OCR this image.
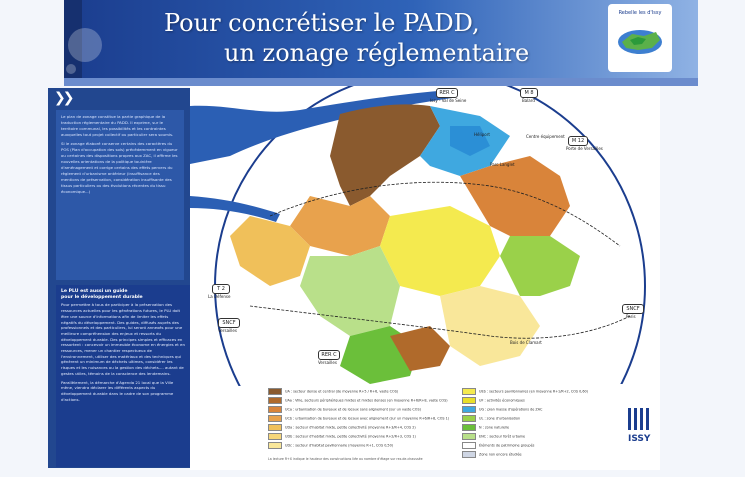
Pour concrétiser le PADD,
un zonage réglementaire
Rebelle les d'Issy
❯❯

Le plan de zonage constitue la partie graphique de la traduction réglementaire du PADD. Il exprime, sur le territoire communal, les possibilités et les contraintes auxquelles tout projet collectif ou particulier sera soumis.

Si le zonage élaboré conserve certains des caractères du POS (Plan d'occupation des sols) précédemment en vigueur ou certaines des dispositions propres aux ZAC, il affirme les nouvelles orientations de la politique touinière d'aménagement et corrige certains des effets pervers du règlement d'urbanisme antérieur (insuffisance des mentions de préservation, considération insuffisante des tissus particuliers ou des évolutions récentes du tissu économique...)

Le PLU est aussi un guide
pour le développement durable

Pour permettre à tous de participer à la préservation des ressources actuelles pour les générations futures, le PLU doit être une source d'informations afin de limiter les effets négatifs du développement. Des guides, diffusés auprès des professionnels et des particuliers, lui seront annexés pour une meilleure compréhension des enjeux et ressorts du développement durable. Des principes simples et efficaces en ressortent : concevoir un immeuble économe en énergies et en ressources, mener un chantier respectueux de l'environnement, utiliser des matériaux et des techniques qui génèrent un minimum de déchets ultimes, considérer les risques et les nuisances ou la gestion des déchets.... autant de gestes utiles, témoins de la conscience des lendemains.

Parallèlement, la démarche d'Agenda 21 local que la Ville mène, viendra déclarer les différents aspects du développement durable dans le cadre de son programme d'actions.

RER C
Issy - Val de Seine
M 8
Balard
M 12
Porte de Versailles
T 2
La Défense
SNCF
Versailles
RER C
Versailles
SNCF
Paris
Héliport	Centre équipement
Parc Langlet
Bois de Clamart
UA : secteur dense et central (de moyenne R+5 / R+6, vaste COS)
UAa : Ville, secteurs périphériques mixtes et mixtes denses (en moyenne R+6/R+8, vaste COS)
UCa : urbanisation de bureaux et de locaux sans alignement (sur un vaste COS)
UCb : urbanisation de bureaux et de locaux avec alignement (sur un moyenne R+6/R+8, COS 1)
UDa : secteur d'habitat mixte, petite collectivité (moyenne R+3/R+4, COS 2)
UDb : secteur d'habitat mixte, petite collectivité (moyenne R+2/R+3, COS 1)
UDc : secteur d'habitat pavillonnaire (moyenne R+1, COS 0,50)
UEb : secteurs pavillonnaires (en moyenne R+1/R+2, COS 0,60)
UF : activités économiques
UG : plan masse d'opérations de ZAC
UL : zone d'urbanisation
N : zone naturelle
ENC : secteur forêt urbaine
Éléments de patrimoine groupés
Zone non encore étudiée
La lecture R+X indique le hauteur des constructions liée au nombre d'étage sur rez-de-chaussée
ISSY
